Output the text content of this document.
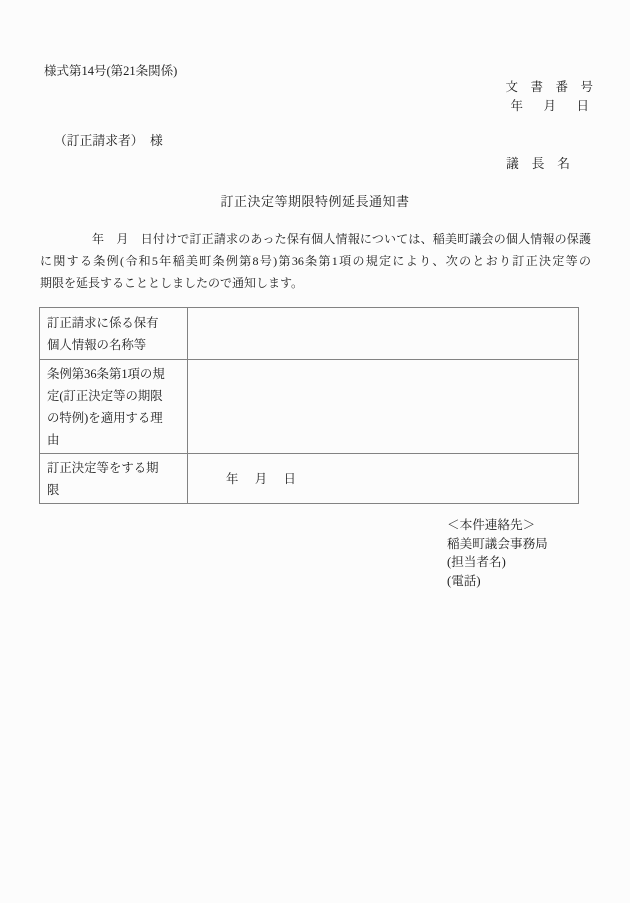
様式第14号(第21条関係)
文　書　番　号
年　月　日
（訂正請求者）　様
議　長　名
訂正決定等期限特例延長通知書
年　月　日付けで訂正請求のあった保有個人情報については、稲美町議会の個人情報の保護
に関する条例(令和5年稲美町条例第8号)第36条第1項の規定により、次のとおり訂正決定等の
期限を延長することとしましたので通知します。
訂正請求に係る保有
個人情報の名称等	

条例第36条第1項の規
定(訂正決定等の期限
の特例)を適用する理
由	

訂正決定等をする期
限	年　月　日
＜本件連絡先＞
稲美町議会事務局
(担当者名)
(電話)
